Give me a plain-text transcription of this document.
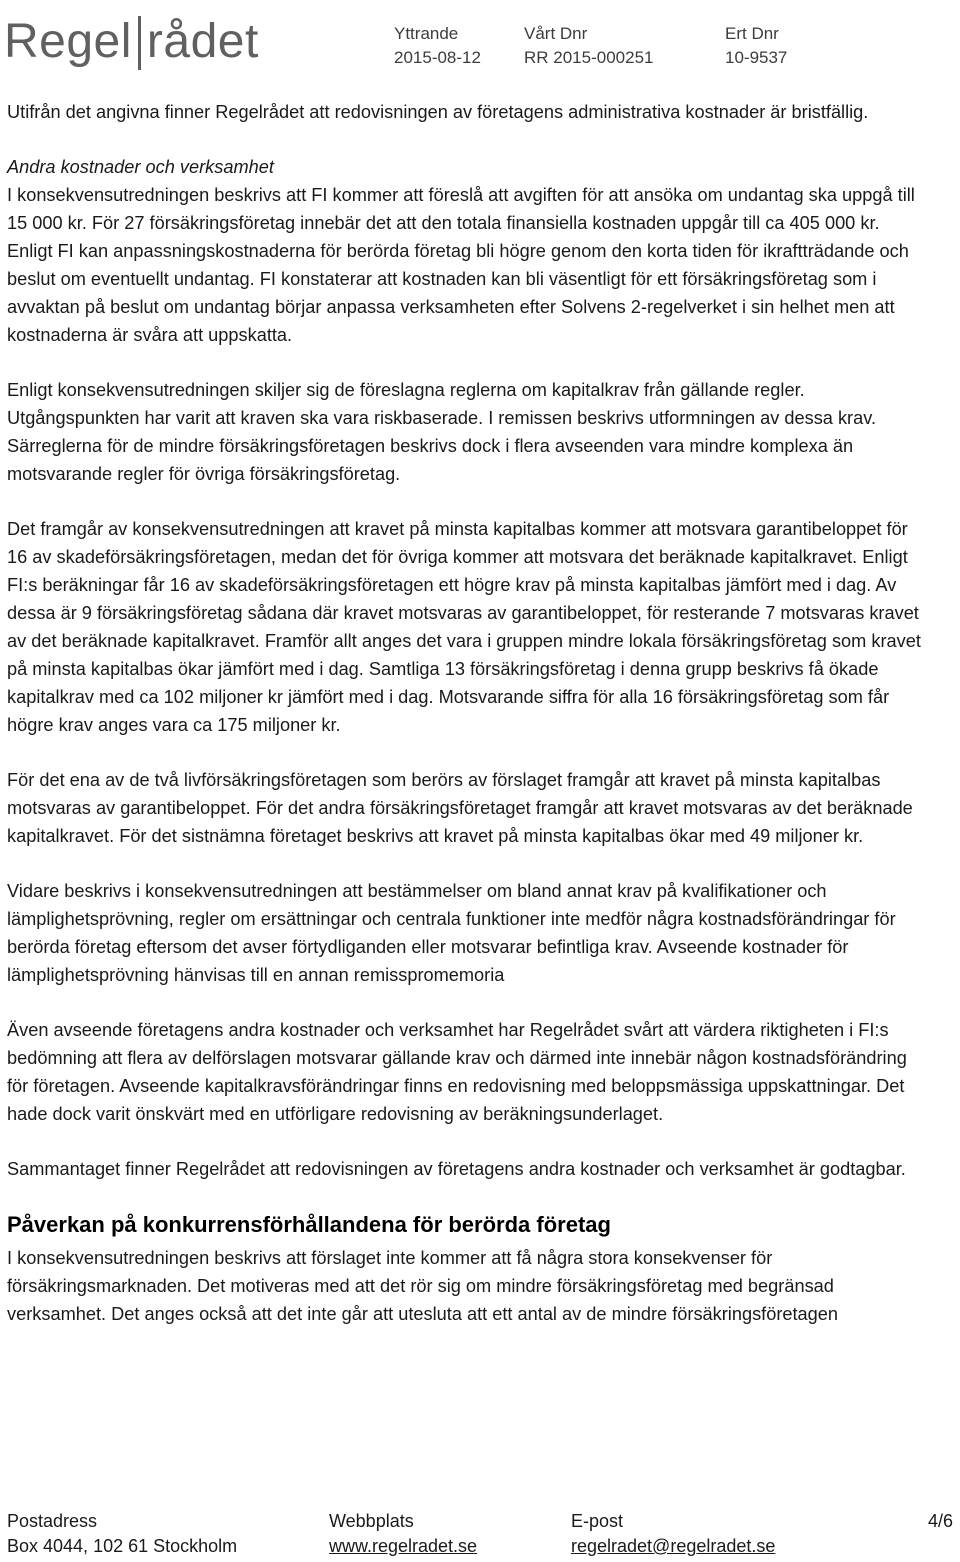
Regel rådet	Yttrande
2015-08-12
Vårt Dnr
RR 2015-000251
Ert Dnr
10-9537

Utifrån det angivna finner Regelrådet att redovisningen av företagens administrativa kostnader är bristfällig.

Andra kostnader och verksamhet
I konsekvensutredningen beskrivs att FI kommer att föreslå att avgiften för att ansöka om undantag ska uppgå till 15 000 kr. För 27 försäkringsföretag innebär det att den totala finansiella kostnaden uppgår till ca 405 000 kr. Enligt FI kan anpassningskostnaderna för berörda företag bli högre genom den korta tiden för ikraftträdande och beslut om eventuellt undantag. FI konstaterar att kostnaden kan bli väsentligt för ett försäkringsföretag som i avvaktan på beslut om undantag börjar anpassa verksamheten efter Solvens 2-regelverket i sin helhet men att kostnaderna är svåra att uppskatta.

Enligt konsekvensutredningen skiljer sig de föreslagna reglerna om kapitalkrav från gällande regler. Utgångspunkten har varit att kraven ska vara riskbaserade. I remissen beskrivs utformningen av dessa krav. Särreglerna för de mindre försäkringsföretagen beskrivs dock i flera avseenden vara mindre komplexa än motsvarande regler för övriga försäkringsföretag.

Det framgår av konsekvensutredningen att kravet på minsta kapitalbas kommer att motsvara garantibeloppet för 16 av skadeförsäkringsföretagen, medan det för övriga kommer att motsvara det beräknade kapitalkravet. Enligt FI:s beräkningar får 16 av skadeförsäkringsföretagen ett högre krav på minsta kapitalbas jämfört med i dag. Av dessa är 9 försäkringsföretag sådana där kravet motsvaras av garantibeloppet, för resterande 7 motsvaras kravet av det beräknade kapitalkravet. Framför allt anges det vara i gruppen mindre lokala försäkringsföretag som kravet på minsta kapitalbas ökar jämfört med i dag. Samtliga 13 försäkringsföretag i denna grupp beskrivs få ökade kapitalkrav med ca 102 miljoner kr jämfört med i dag. Motsvarande siffra för alla 16 försäkringsföretag som får högre krav anges vara ca 175 miljoner kr.

För det ena av de två livförsäkringsföretagen som berörs av förslaget framgår att kravet på minsta kapitalbas motsvaras av garantibeloppet. För det andra försäkringsföretaget framgår att kravet motsvaras av det beräknade kapitalkravet. För det sistnämna företaget beskrivs att kravet på minsta kapitalbas ökar med 49 miljoner kr.

Vidare beskrivs i konsekvensutredningen att bestämmelser om bland annat krav på kvalifikationer och lämplighetsprövning, regler om ersättningar och centrala funktioner inte medför några kostnadsförändringar för berörda företag eftersom det avser förtydliganden eller motsvarar befintliga krav. Avseende kostnader för lämplighetsprövning hänvisas till en annan remisspromemoria

Även avseende företagens andra kostnader och verksamhet har Regelrådet svårt att värdera riktigheten i FI:s bedömning att flera av delförslagen motsvarar gällande krav och därmed inte innebär någon kostnadsförändring för företagen. Avseende kapitalkravsförändringar finns en redovisning med beloppsmässiga uppskattningar. Det hade dock varit önskvärt med en utförligare redovisning av beräkningsunderlaget.

Sammantaget finner Regelrådet att redovisningen av företagens andra kostnader och verksamhet är godtagbar.

Påverkan på konkurrensförhållandena för berörda företag

I konsekvensutredningen beskrivs att förslaget inte kommer att få några stora konsekvenser för försäkringsmarknaden. Det motiveras med att det rör sig om mindre försäkringsföretag med begränsad verksamhet. Det anges också att det inte går att utesluta att ett antal av de mindre försäkringsföretagen

Postadress
Box 4044, 102 61 Stockholm
Webbplats
www.regelradet.se
E-post
regelradet@regelradet.se
4/6
